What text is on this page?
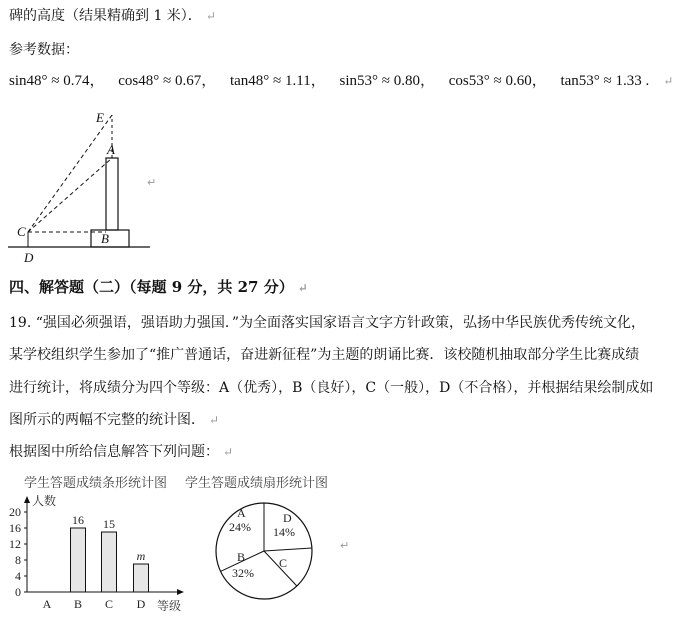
碑的高度（结果精确到 1 米）． ↵
参考数据：
sin48° ≈ 0.74， cos48° ≈ 0.67， tan48° ≈ 1.11， sin53° ≈ 0.80， cos53° ≈ 0.60， tan53° ≈ 1.33 . ↵
E
A
C	B
D
↵
四、解答题（二）（每题 9 分，共 27 分） ↵
19. “强国必须强语，强语助力强国．”为全面落实国家语言文字方针政策，弘扬中华民族优秀传统文化，
某学校组织学生参加了“推广普通话，奋进新征程”为主题的朗诵比赛．该校随机抽取部分学生比赛成绩
进行统计，将成绩分为四个等级：A（优秀），B（良好），C（一般），D（不合格），并根据结果绘制成如
图所示的两幅不完整的统计图． ↵
根据图中所给信息解答下列问题： ↵
学生答题成绩条形统计图 学生答题成绩扇形统计图
人数
等级
0
4
8
12
16
20
A
16
B
15
C
m
D
A
24%
D
14%
C
B
32%
↵
